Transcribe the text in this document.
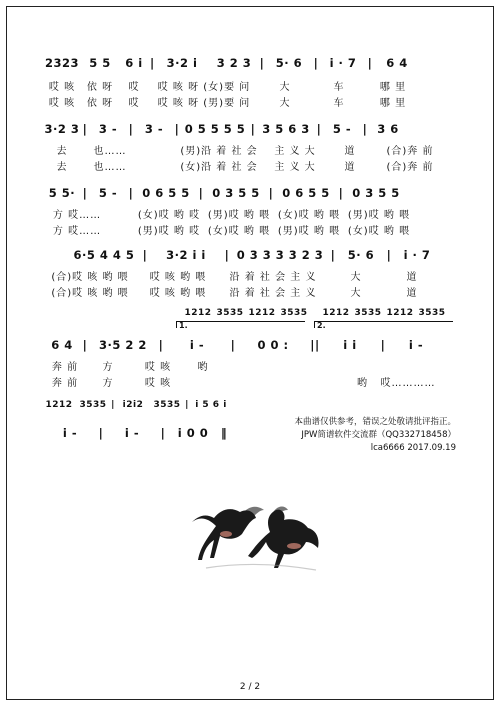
2323 5 5	6 i |	3·2 i	3 2 3 | 5· 6 | i · 7 |	6 4
哎 咳	依 呀	哎	哎 咳 呀 (女)要 问	大	车	哪 里
哎 咳	依 呀	哎	哎 咳 呀 (男)要 问	大	车	哪 里
3·2 3 |	3 -	|	3 -	| 0 5 5 5 5 | 3 5 6 3 |	5 -	| 3 6
去	也……	(男)沿 着 社 会	主 义 大	道	(合)奔 前
去	也……	(女)沿 着 社 会	主 义 大	道	(合)奔 前
5 5· |	5 -	| 0 6 5 5 | 0 3 5 5 | 0 6 5 5 | 0 3 5 5
方 哎……	(女)哎 哟 哎 (男)哎 哟 喂 (女)哎 哟 喂 (男)哎 哟 喂
方 哎……	(男)哎 哟 哎 (女)哎 哟 喂 (男)哎 哟 喂 (女)哎 哟 喂
6·5 4 4 5 |	3·2 i i	| 0 3 3 3 3 2 3 |	5· 6	|	i · 7
(合)哎 咳 哟 喂	哎 咳 哟 喂	沿 着 社 会 主 义	大	道
(合)哎 咳 哟 喂	哎 咳 哟 喂	沿 着 社 会 主 义	大	道
1212 3535 1212 3535 1212 3535 1212 3535
1.	2.
6 4 |	3·5 2 2	|	i -	|	0 0 :	||	i i	|	i -
奔 前	方	哎 咳	哟
奔 前	方	哎 咳	哟	哎…………
1212 3535 | i2i2	3535 | i 5 6 i
i -	|	i -	|	i 0 0	‖
本曲谱仅供参考，错误之处敬请批评指正。
JPW简谱软件交流群（QQ332718458）
lca6666 2017.09.19
2 / 2
